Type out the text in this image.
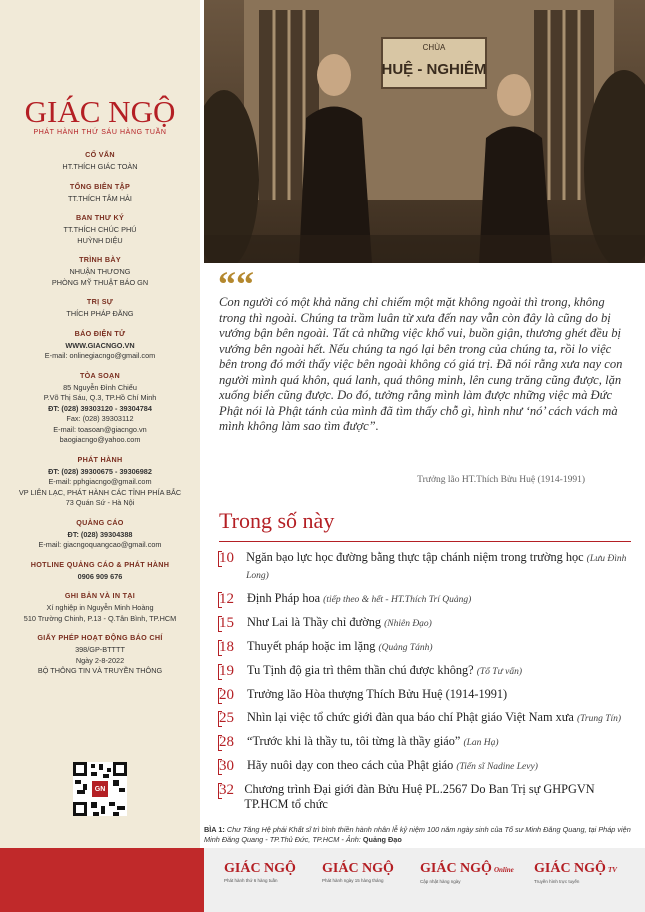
GIÁC NGỘ
PHÁT HÀNH THỨ SÁU HÀNG TUẦN
CỐ VẤN
HT.THÍCH GIÁC TOÀN
TỔNG BIÊN TẬP
TT.THÍCH TÂM HẢI
BAN THƯ KÝ
TT.THÍCH CHÚC PHÚ
HUỲNH DIỆU
TRÌNH BÀY
NHUẬN THƯƠNG
PHÒNG MỸ THUẬT BÁO GN
TRỊ SỰ
THÍCH PHÁP ĐĂNG
BÁO ĐIỆN TỬ
WWW.GIACNGO.VN
E-mail: onlinegiacngo@gmail.com
TÒA SOẠN
85 Nguyễn Đình Chiểu
P.Võ Thị Sáu, Q.3, TP.Hồ Chí Minh
ĐT: (028) 39303120 - 39304784
Fax: (028) 39303112
E-mail: toasoan@giacngo.vn
baogiacngo@yahoo.com
PHÁT HÀNH
ĐT: (028) 39300675 - 39306982
E-mail: pphgiacngo@gmail.com
VP LIÊN LẠC, PHÁT HÀNH CÁC TỈNH PHÍA BẮC
73 Quán Sứ - Hà Nội
QUẢNG CÁO
ĐT: (028) 39304388
E-mail: giacngoquangcao@gmail.com
HOTLINE QUẢNG CÁO & PHÁT HÀNH
0906 909 676
GHI BẢN VÀ IN TẠI
Xí nghiệp in Nguyễn Minh Hoàng
510 Trường Chinh, P.13 - Q.Tân Bình, TP.HCM
GIẤY PHÉP HOẠT ĐỘNG BÁO CHÍ
398/GP-BTTTT
Ngày 2-8-2022
BỘ THÔNG TIN VÀ TRUYỀN THÔNG
GN
CHÙA
HUỆ - NGHIÊM
““
Con người có một khả năng chỉ chiếm một mặt không ngoài thì trong, không trong thì ngoài. Chúng ta trầm luân từ xưa đến nay vẫn còn đây là cũng do bị vướng bận bên ngoài. Tất cả những việc khổ vui, buồn giận, thương ghét đều bị vướng bên ngoài hết. Nếu chúng ta ngó lại bên trong của chúng ta, rồi lo việc bên trong đó mới thấy việc bên ngoài không có giá trị. Đã nói rằng xưa nay con người mình quá khôn, quá lanh, quá thông minh, lên cung trăng cũng được, lặn xuống biển cũng được. Do đó, tưởng rằng mình làm được những việc mà Đức Phật nói là Phật tánh của mình đã tìm thấy chỗ gì, hình như ‘nó’ cách vách mà mình không làm sao tìm được”.
Trưởng lão HT.Thích Bửu Huệ (1914-1991)
Trong số này
10 Ngăn bạo lực học đường bằng thực tập chánh niệm trong trường học (Lưu Đình Long)
12	Định Pháp hoa (tiếp theo & hết - HT.Thích Trí Quảng)
15	Như Lai là Thầy chỉ đường (Nhiên Đạo)
18	Thuyết pháp hoặc im lặng (Quảng Tánh)
19	Tu Tịnh độ gia trì thêm thần chú được không? (Tổ Tư vấn)
20	Trưởng lão Hòa thượng Thích Bửu Huệ (1914-1991)
25	Nhìn lại việc tổ chức giới đàn qua báo chí Phật giáo Việt Nam xưa (Trung Tín)
28	“Trước khi là thầy tu, tôi từng là thầy giáo” (Lan Hạ)
30	Hãy nuôi dạy con theo cách của Phật giáo (Tiến sĩ Nadine Levy)
32 Chương trình Đại giới đàn Bửu Huệ PL.2567 Do Ban Trị sự GHPGVN TP.HCM tổ chức
BÌA 1: Chư Tăng Hệ phái Khất sĩ trì bình thiền hành nhân lễ kỷ niệm 100 năm ngày sinh của Tổ sư Minh Đăng Quang, tại Pháp viện Minh Đăng Quang - TP.Thủ Đức, TP.HCM - Ảnh: Quảng Đạo
GIÁC NGỘ
Phát hành thứ 6 hàng tuần
GIÁC NGỘ
Phát hành ngày 15 hàng tháng
GIÁC NGỘ Online
Cập nhật hàng ngày
GIÁC NGỘ TV
Truyền hình trực tuyến
